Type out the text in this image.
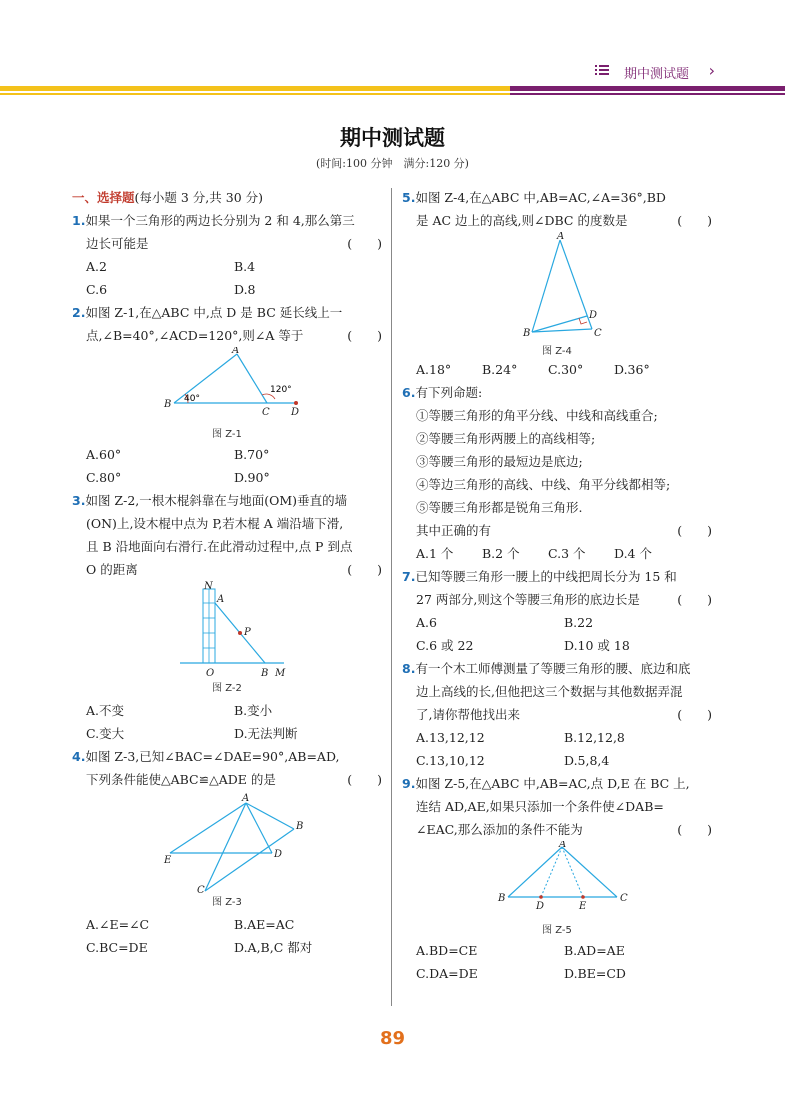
期中测试题 ›
期中测试题
(时间:100 分钟　满分:120 分)
一、选择题(每小题 3 分,共 30 分)
1.如果一个三角形的两边长分别为 2 和 4,那么第三
边长可能是	(　　)
A.2	B.4
C.6	D.8
2.如图 Z-1,在△ABC 中,点 D 是 BC 延长线上一
点,∠B=40°,∠ACD=120°,则∠A 等于	(　　)
A
B
C D
40°
120°
图 Z-1
A.60°	B.70°
C.80°	D.90°
3.如图 Z-2,一根木棍斜靠在与地面(OM)垂直的墙
(ON)上,设木棍中点为 P,若木棍 A 端沿墙下滑,
且 B 沿地面向右滑行.在此滑动过程中,点 P 到点
O 的距离	(　　)
N
A
P
O	B M
图 Z-2
A.不变	B.变小
C.变大	D.无法判断
4.如图 Z-3,已知∠BAC=∠DAE=90°,AB=AD,
下列条件能使△ABC≌△ADE 的是	(　　)
A
B
C
D
E
图 Z-3
A.∠E=∠C	B.AE=AC
C.BC=DE	D.A,B,C 都对
5.如图 Z-4,在△ABC 中,AB=AC,∠A=36°,BD
是 AC 边上的高线,则∠DBC 的度数是	(　　)
A
B	C
D
图 Z-4
A.18°	B.24°	C.30°	D.36°
6.有下列命题:
①等腰三角形的角平分线、中线和高线重合;
②等腰三角形两腰上的高线相等;
③等腰三角形的最短边是底边;
④等边三角形的高线、中线、角平分线都相等;
⑤等腰三角形都是锐角三角形.
其中正确的有	(　　)
A.1 个	B.2 个	C.3 个	D.4 个
7.已知等腰三角形一腰上的中线把周长分为 15 和
27 两部分,则这个等腰三角形的底边长是	(　　)
A.6	B.22
C.6 或 22	D.10 或 18
8.有一个木工师傅测量了等腰三角形的腰、底边和底
边上高线的长,但他把这三个数据与其他数据弄混
了,请你帮他找出来	(　　)
A.13,12,12	B.12,12,8
C.13,10,12	D.5,8,4
9.如图 Z-5,在△ABC 中,AB=AC,点 D,E 在 BC 上,
连结 AD,AE,如果只添加一个条件使∠DAB=
∠EAC,那么添加的条件不能为	(　　)
A
B	C
D	E
图 Z-5
A.BD=CE	B.AD=AE
C.DA=DE	D.BE=CD
89
